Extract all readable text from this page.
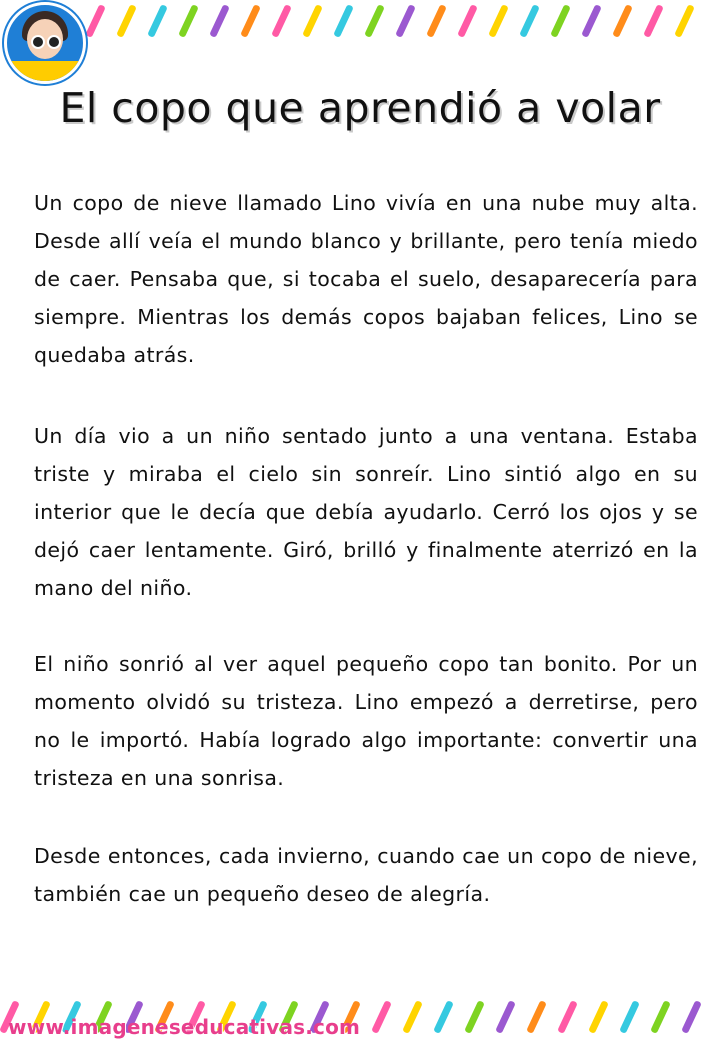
El copo que aprendió a volar

Un copo de nieve llamado Lino vivía en una nube muy alta. Desde allí veía el mundo blanco y brillante, pero tenía miedo de caer. Pensaba que, si tocaba el suelo, desaparecería para siempre. Mientras los demás copos bajaban felices, Lino se quedaba atrás.

Un día vio a un niño sentado junto a una ventana. Estaba triste y miraba el cielo sin sonreír. Lino sintió algo en su interior que le decía que debía ayudarlo. Cerró los ojos y se dejó caer lentamente. Giró, brilló y finalmente aterrizó en la mano del niño.

El niño sonrió al ver aquel pequeño copo tan bonito. Por un momento olvidó su tristeza. Lino empezó a derretirse, pero no le importó. Había logrado algo importante: convertir una tristeza en una sonrisa.

Desde entonces, cada invierno, cuando cae un copo de nieve, también cae un pequeño deseo de alegría.

www.imageneseducativas.com
